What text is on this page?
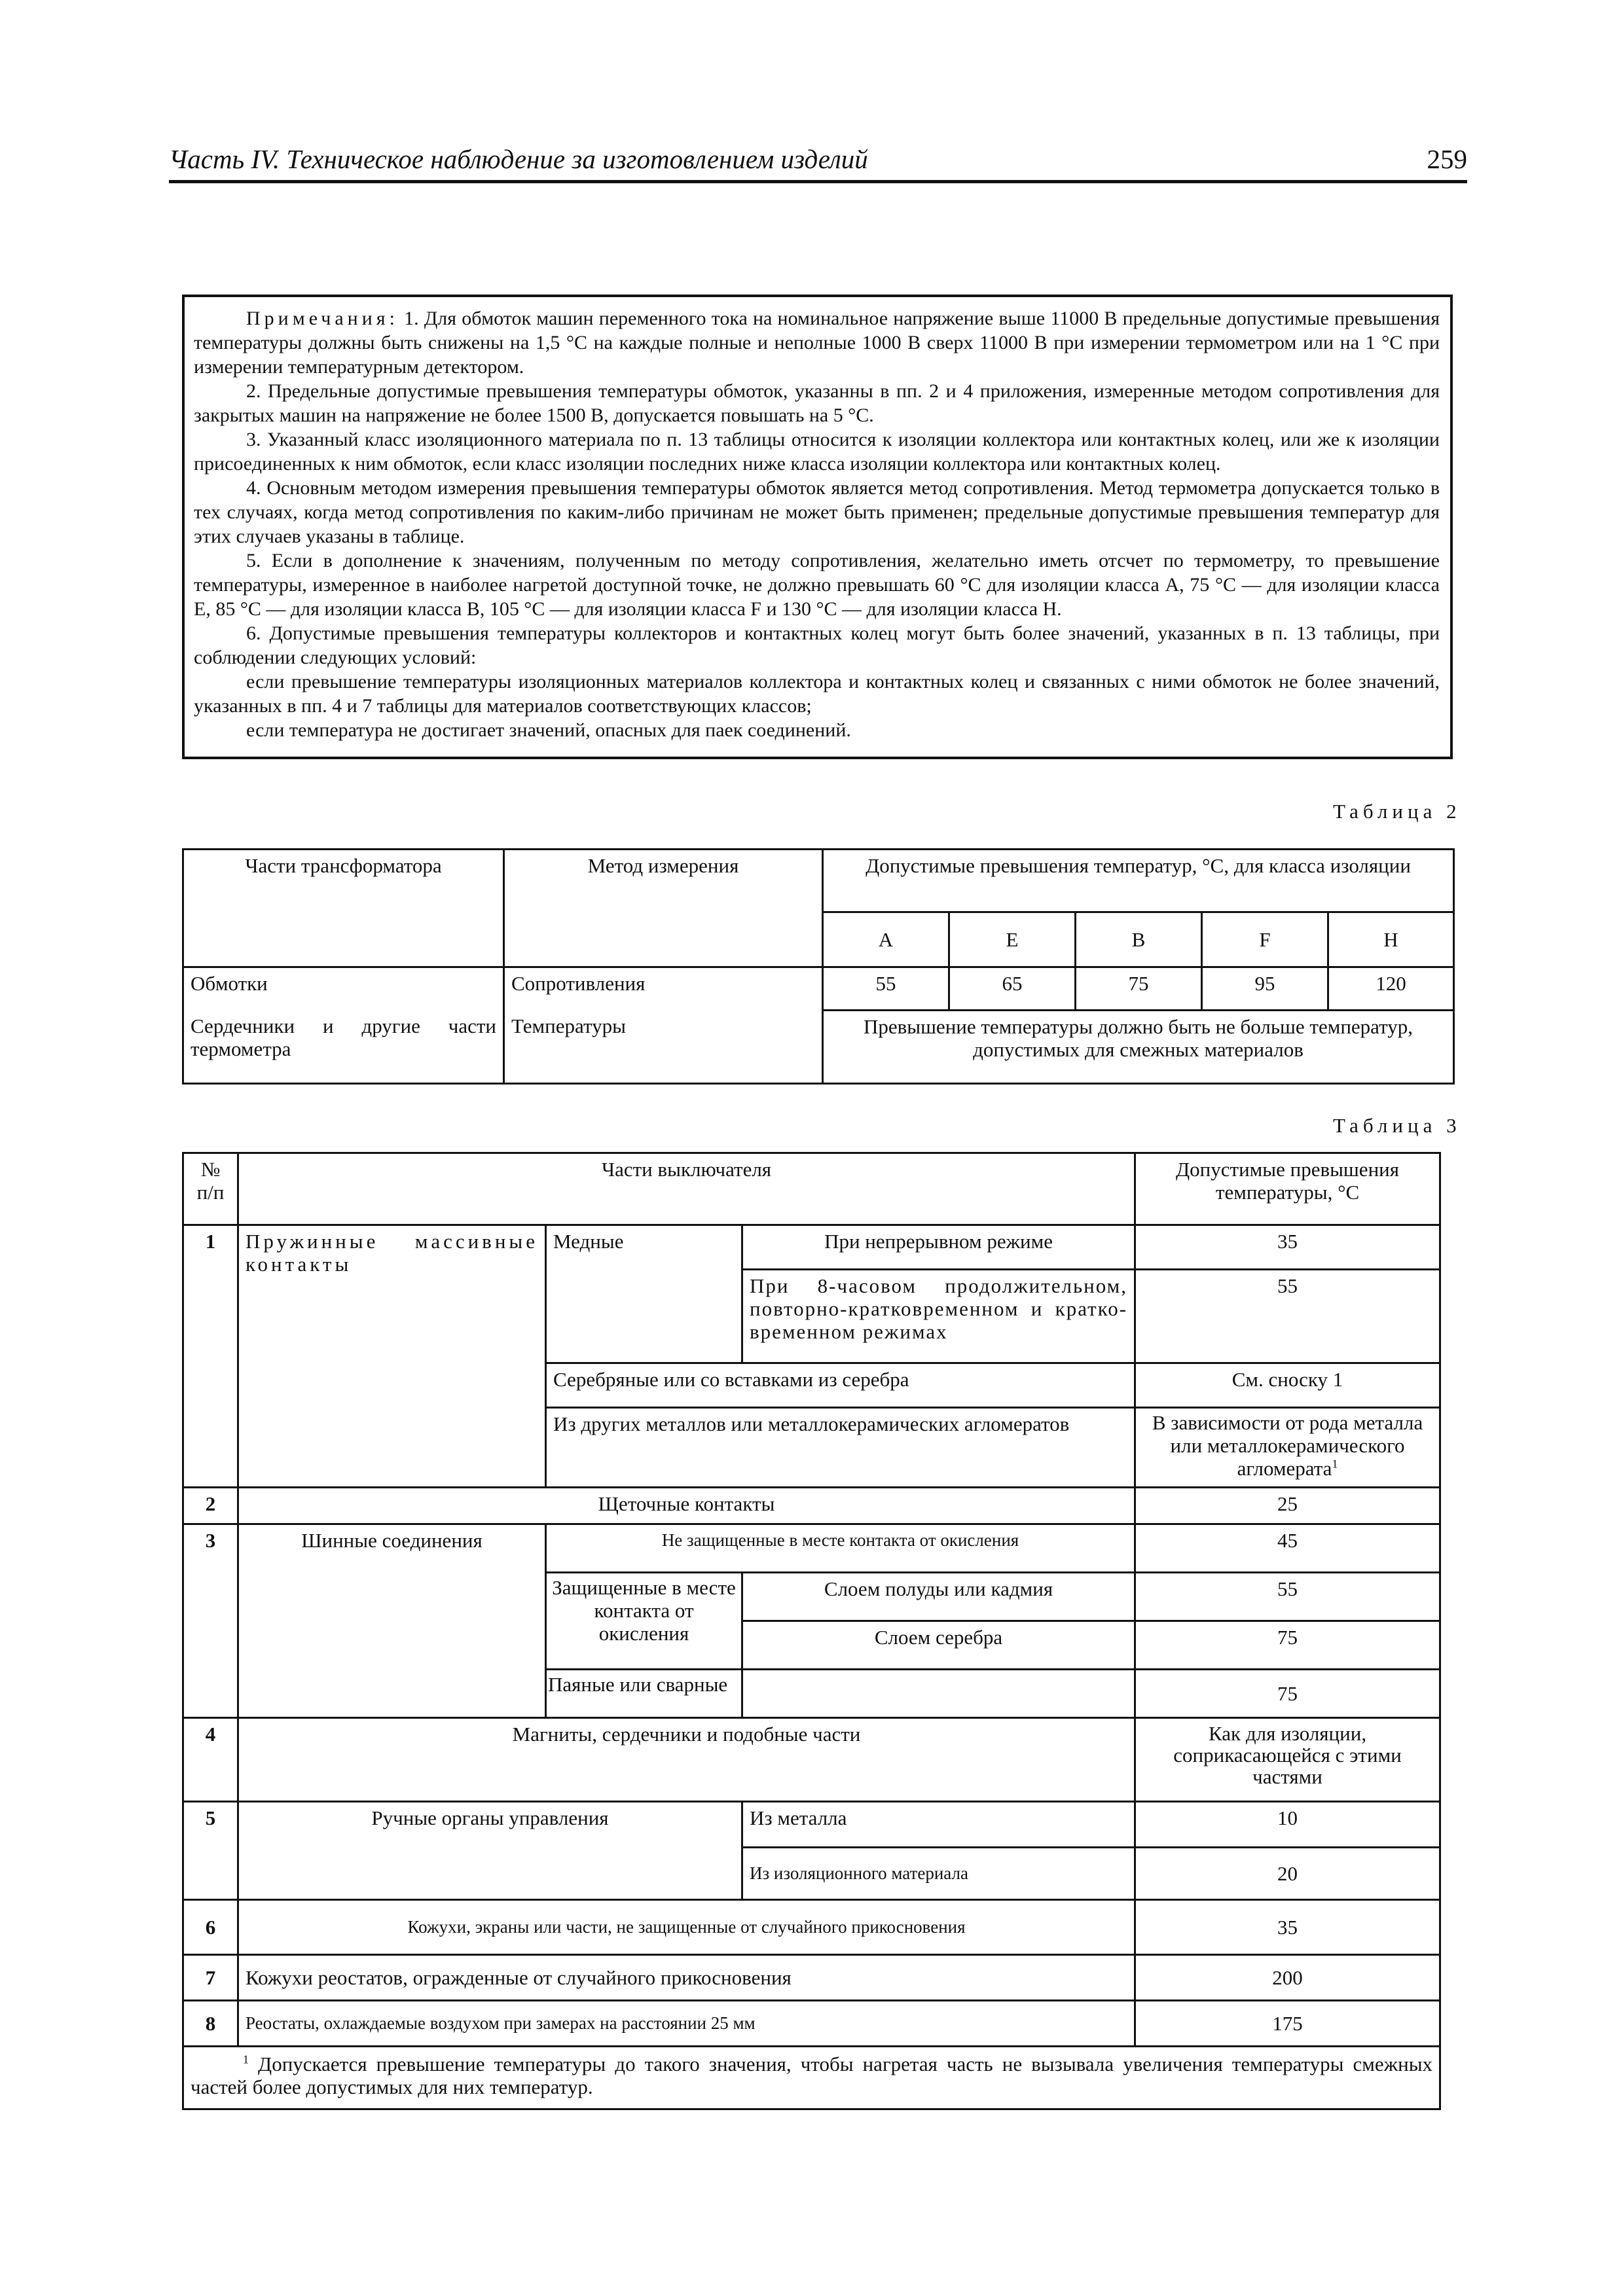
Часть IV. Техническое наблюдение за изготовлением изделий	259

Примечания: 1. Для обмоток машин переменного тока на номинальное напряжение выше 11000 В предельные допустимые превышения температуры должны быть снижены на 1,5 °С на каждые полные и неполные 1000 В сверх 11000 В при измерении термометром или на 1 °С при измерении температурным детектором.

2. Предельные допустимые превышения температуры обмоток, указанны в пп. 2 и 4 приложения, измеренные методом сопротивления для закрытых машин на напряжение не более 1500 В, допускается повышать на 5 °С.

3. Указанный класс изоляционного материала по п. 13 таблицы относится к изоляции коллектора или контактных колец, или же к изоляции присоединенных к ним обмоток, если класс изоляции последних ниже класса изоляции коллектора или контактных колец.

4. Основным методом измерения превышения температуры обмоток является метод сопротивления. Метод термометра допускается только в тех случаях, когда метод сопротивления по каким-либо причинам не может быть применен; предельные допустимые превышения температур для этих случаев указаны в таблице.

5. Если в дополнение к значениям, полученным по методу сопротивления, желательно иметь отсчет по термометру, то превышение температуры, измеренное в наиболее нагретой доступной точке, не должно превышать 60 °С для изоляции класса A, 75 °С — для изоляции класса E, 85 °С — для изоляции класса B, 105 °С — для изоляции класса F и 130 °С — для изоляции класса H.

6. Допустимые превышения температуры коллекторов и контактных колец могут быть более значений, указанных в п. 13 таблицы, при соблюдении следующих условий:

если превышение температуры изоляционных материалов коллектора и контактных колец и связанных с ними обмоток не более значений, указанных в пп. 4 и 7 таблицы для материалов соответствующих классов;

если температура не достигает значений, опасных для паек соединений.

Таблица 2
Части трансформатора	Метод измерения	Допустимые превышения температур, °С, для класса изоляции				
		A	E	B	F	H
Обмотки	Сопротивления	55	65	75	95	120
Сердечники и другие части термометра	Температуры	Превышение температуры должно быть не больше температур, допустимых для смежных материалов				
Таблица 3
№ п/п	Части выключателя			Допустимые превышения температуры, °С
1	Пружинные массивные контакты	Медные	При непрерывном режиме	35
			При 8-часовом продолжительном, повторно-кратковременном и кратко-временном режимах	55
		Серебряные или со вставками из серебра		См. сноску 1
		Из других металлов или металлокерамических агломератов		В зависимости от рода металла или металлокерамического агломерата$^1$
2	Щеточные контакты			25
3	Шинные соединения	Не защищенные в месте контакта от окисления		45
		Защищенные в месте контакта от окисления	Слоем полуды или кадмия	55
			Слоем серебра	75
		Паяные или сварные		75
4	Магниты, сердечники и подобные части			Как для изоляции, соприкасающейся с этими частями
5	Ручные органы управления		Из металла	10
			Из изоляционного материала	20
6	Кожухи, экраны или части, не защищенные от случайного прикосновения			35
7	Кожухи реостатов, огражденные от случайного прикосновения			200
8	Реостаты, охлаждаемые воздухом при замерах на расстоянии 25 мм			175
$^1$ Допускается превышение температуры до такого значения, чтобы нагретая часть не вызывала увеличения температуры смежных частей более допустимых для них температур.				
